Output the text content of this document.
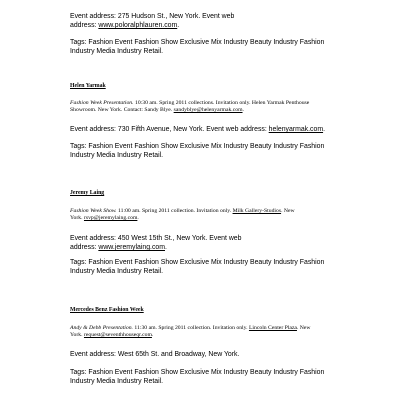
Event address: 275 Hudson St., New York. Event web
address: www.poloralphlauren.com.
Tags: Fashion Event Fashion Show Exclusive Mix Industry Beauty Industry Fashion
Industry Media Industry Retail.
Helen Yarmak
Fashion Week Presentation. 10:30 am. Spring 2011 collections. Invitation only. Helen Yarmak Penthouse
Showroom. New York. Contact: Sandy Blye. sandyblye@helenyarmak.com.
Event address: 730 Fifth Avenue, New York. Event web address: helenyarmak.com.
Tags: Fashion Event Fashion Show Exclusive Mix Industry Beauty Industry Fashion
Industry Media Industry Retail.
Jeremy Laing
Fashion Week Show. 11:00 am. Spring 2011 collection. Invitation only. Milk Gallery-Studios. New
York. rsvp@jeremylaing.com.
Event address: 450 West 15th St., New York. Event web
address: www.jeremylaing.com.
Tags: Fashion Event Fashion Show Exclusive Mix Industry Beauty Industry Fashion
Industry Media Industry Retail.
Mercedes Benz Fashion Week
Andy & Debb Presentation. 11:30 am. Spring 2011 collection. Invitation only. Lincoln Center Plaza. New
York. request@seventhhouseqr.com.
Event address: West 65th St. and Broadway, New York.
Tags: Fashion Event Fashion Show Exclusive Mix Industry Beauty Industry Fashion
Industry Media Industry Retail.
